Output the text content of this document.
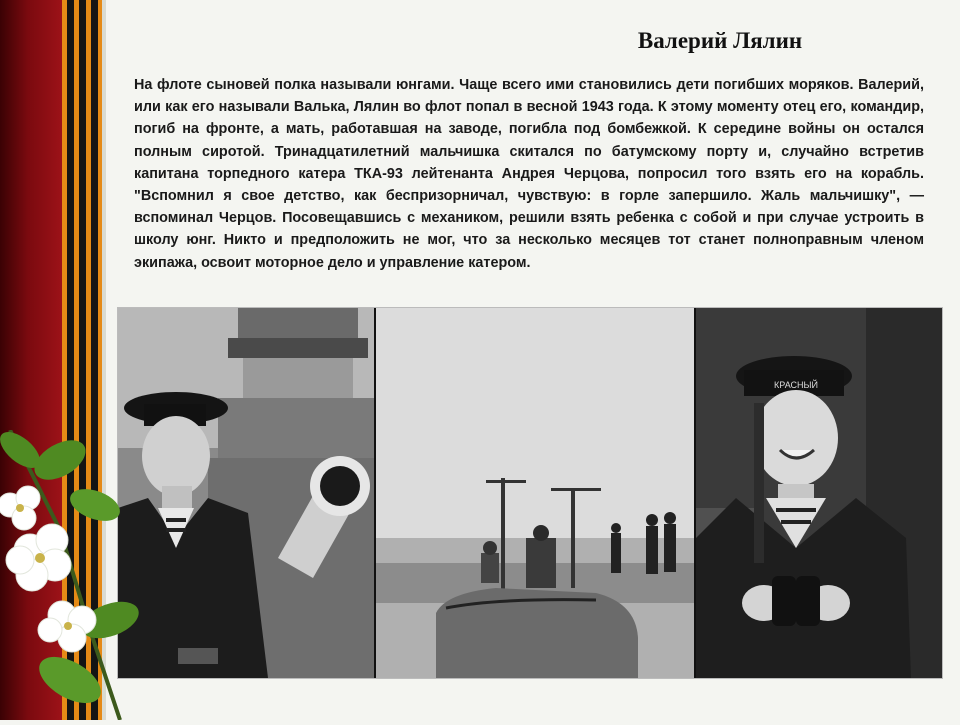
Валерий Лялин

На флоте сыновей полка называли юнгами. Чаще всего ими становились дети погибших моряков. Валерий, или как его называли Валька, Лялин во флот попал в весной 1943 года. К этому моменту отец его, командир, погиб на фронте, а мать, работавшая на заводе, погибла под бомбежкой. К середине войны он остался полным сиротой. Тринадцатилетний мальчишка скитался по батумскому порту и, случайно встретив капитана торпедного катера ТКА-93 лейтенанта Андрея Черцова, попросил того взять его на корабль. "Вспомнил я свое детство, как беспризорничал, чувствую: в горле запершило. Жаль мальчишку", — вспоминал Черцов. Посовещавшись с механиком, решили взять ребенка с собой и при случае устроить в школу юнг. Никто и предположить не мог, что за несколько месяцев тот станет полноправным членом экипажа, освоит моторное дело и управление катером.

КРАСНЫЙ
